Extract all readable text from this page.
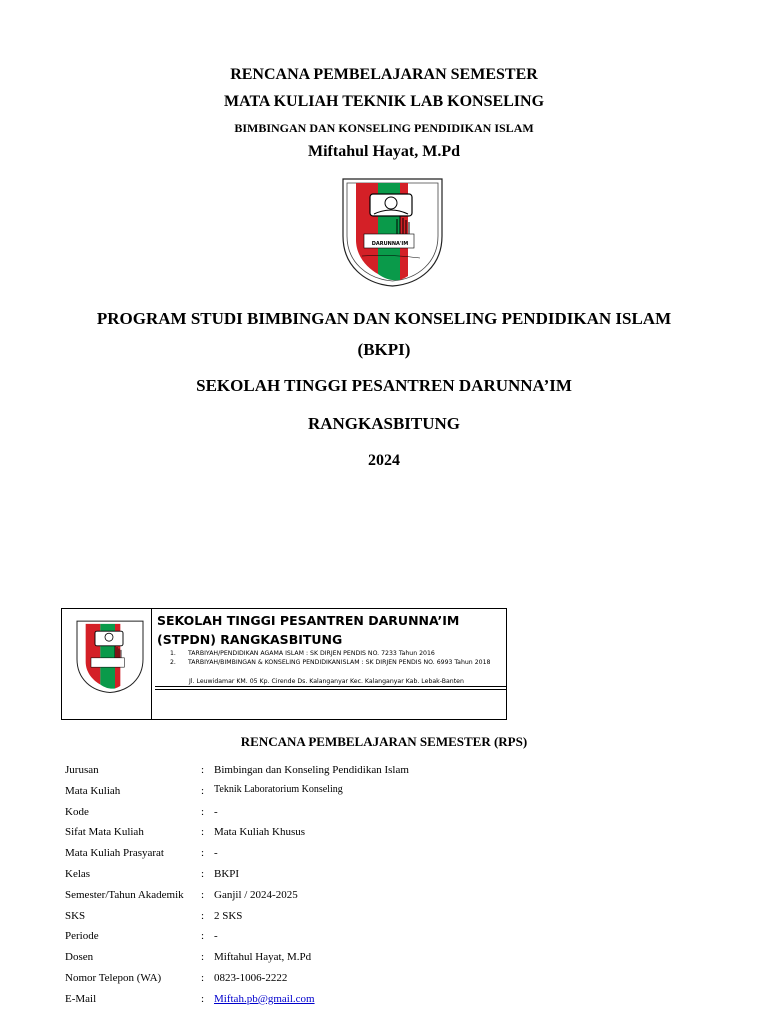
RENCANA PEMBELAJARAN SEMESTER
MATA KULIAH TEKNIK LAB KONSELING
BIMBINGAN DAN KONSELING PENDIDIKAN ISLAM
Miftahul Hayat, M.Pd
DARUNNA'IM
PROGRAM STUDI BIMBINGAN DAN KONSELING PENDIDIKAN ISLAM
(BKPI)
SEKOLAH TINGGI PESANTREN DARUNNA’IM
RANGKASBITUNG
2024
SEKOLAH TINGGI PESANTREN DARUNNA’IM
(STPDN) RANGKASBITUNG
1.	TARBIYAH/PENDIDIKAN AGAMA ISLAM : SK DIRJEN PENDIS NO. 7233 Tahun 2016
2.	TARBIYAH/BIMBINGAN & KONSELING PENDIDIKANISLAM : SK DIRJEN PENDIS NO. 6993 Tahun 2018
Jl. Leuwidamar KM. 05 Kp. Cirende Ds. Kalanganyar Kec. Kalanganyar Kab. Lebak-Banten
RENCANA PEMBELAJARAN SEMESTER (RPS)
Jurusan	: Bimbingan dan Konseling Pendidikan Islam
Mata Kuliah	: Teknik Laboratorium Konseling
Kode	: -
Sifat Mata Kuliah	: Mata Kuliah Khusus
Mata Kuliah Prasyarat	: -
Kelas	: BKPI
Semester/Tahun Akademik : Ganjil / 2024-2025
SKS	: 2 SKS
Periode	: -
Dosen	: Miftahul Hayat, M.Pd
Nomor Telepon (WA)	: 0823-1006-2222
E-Mail	: Miftah.pb@gmail.com
